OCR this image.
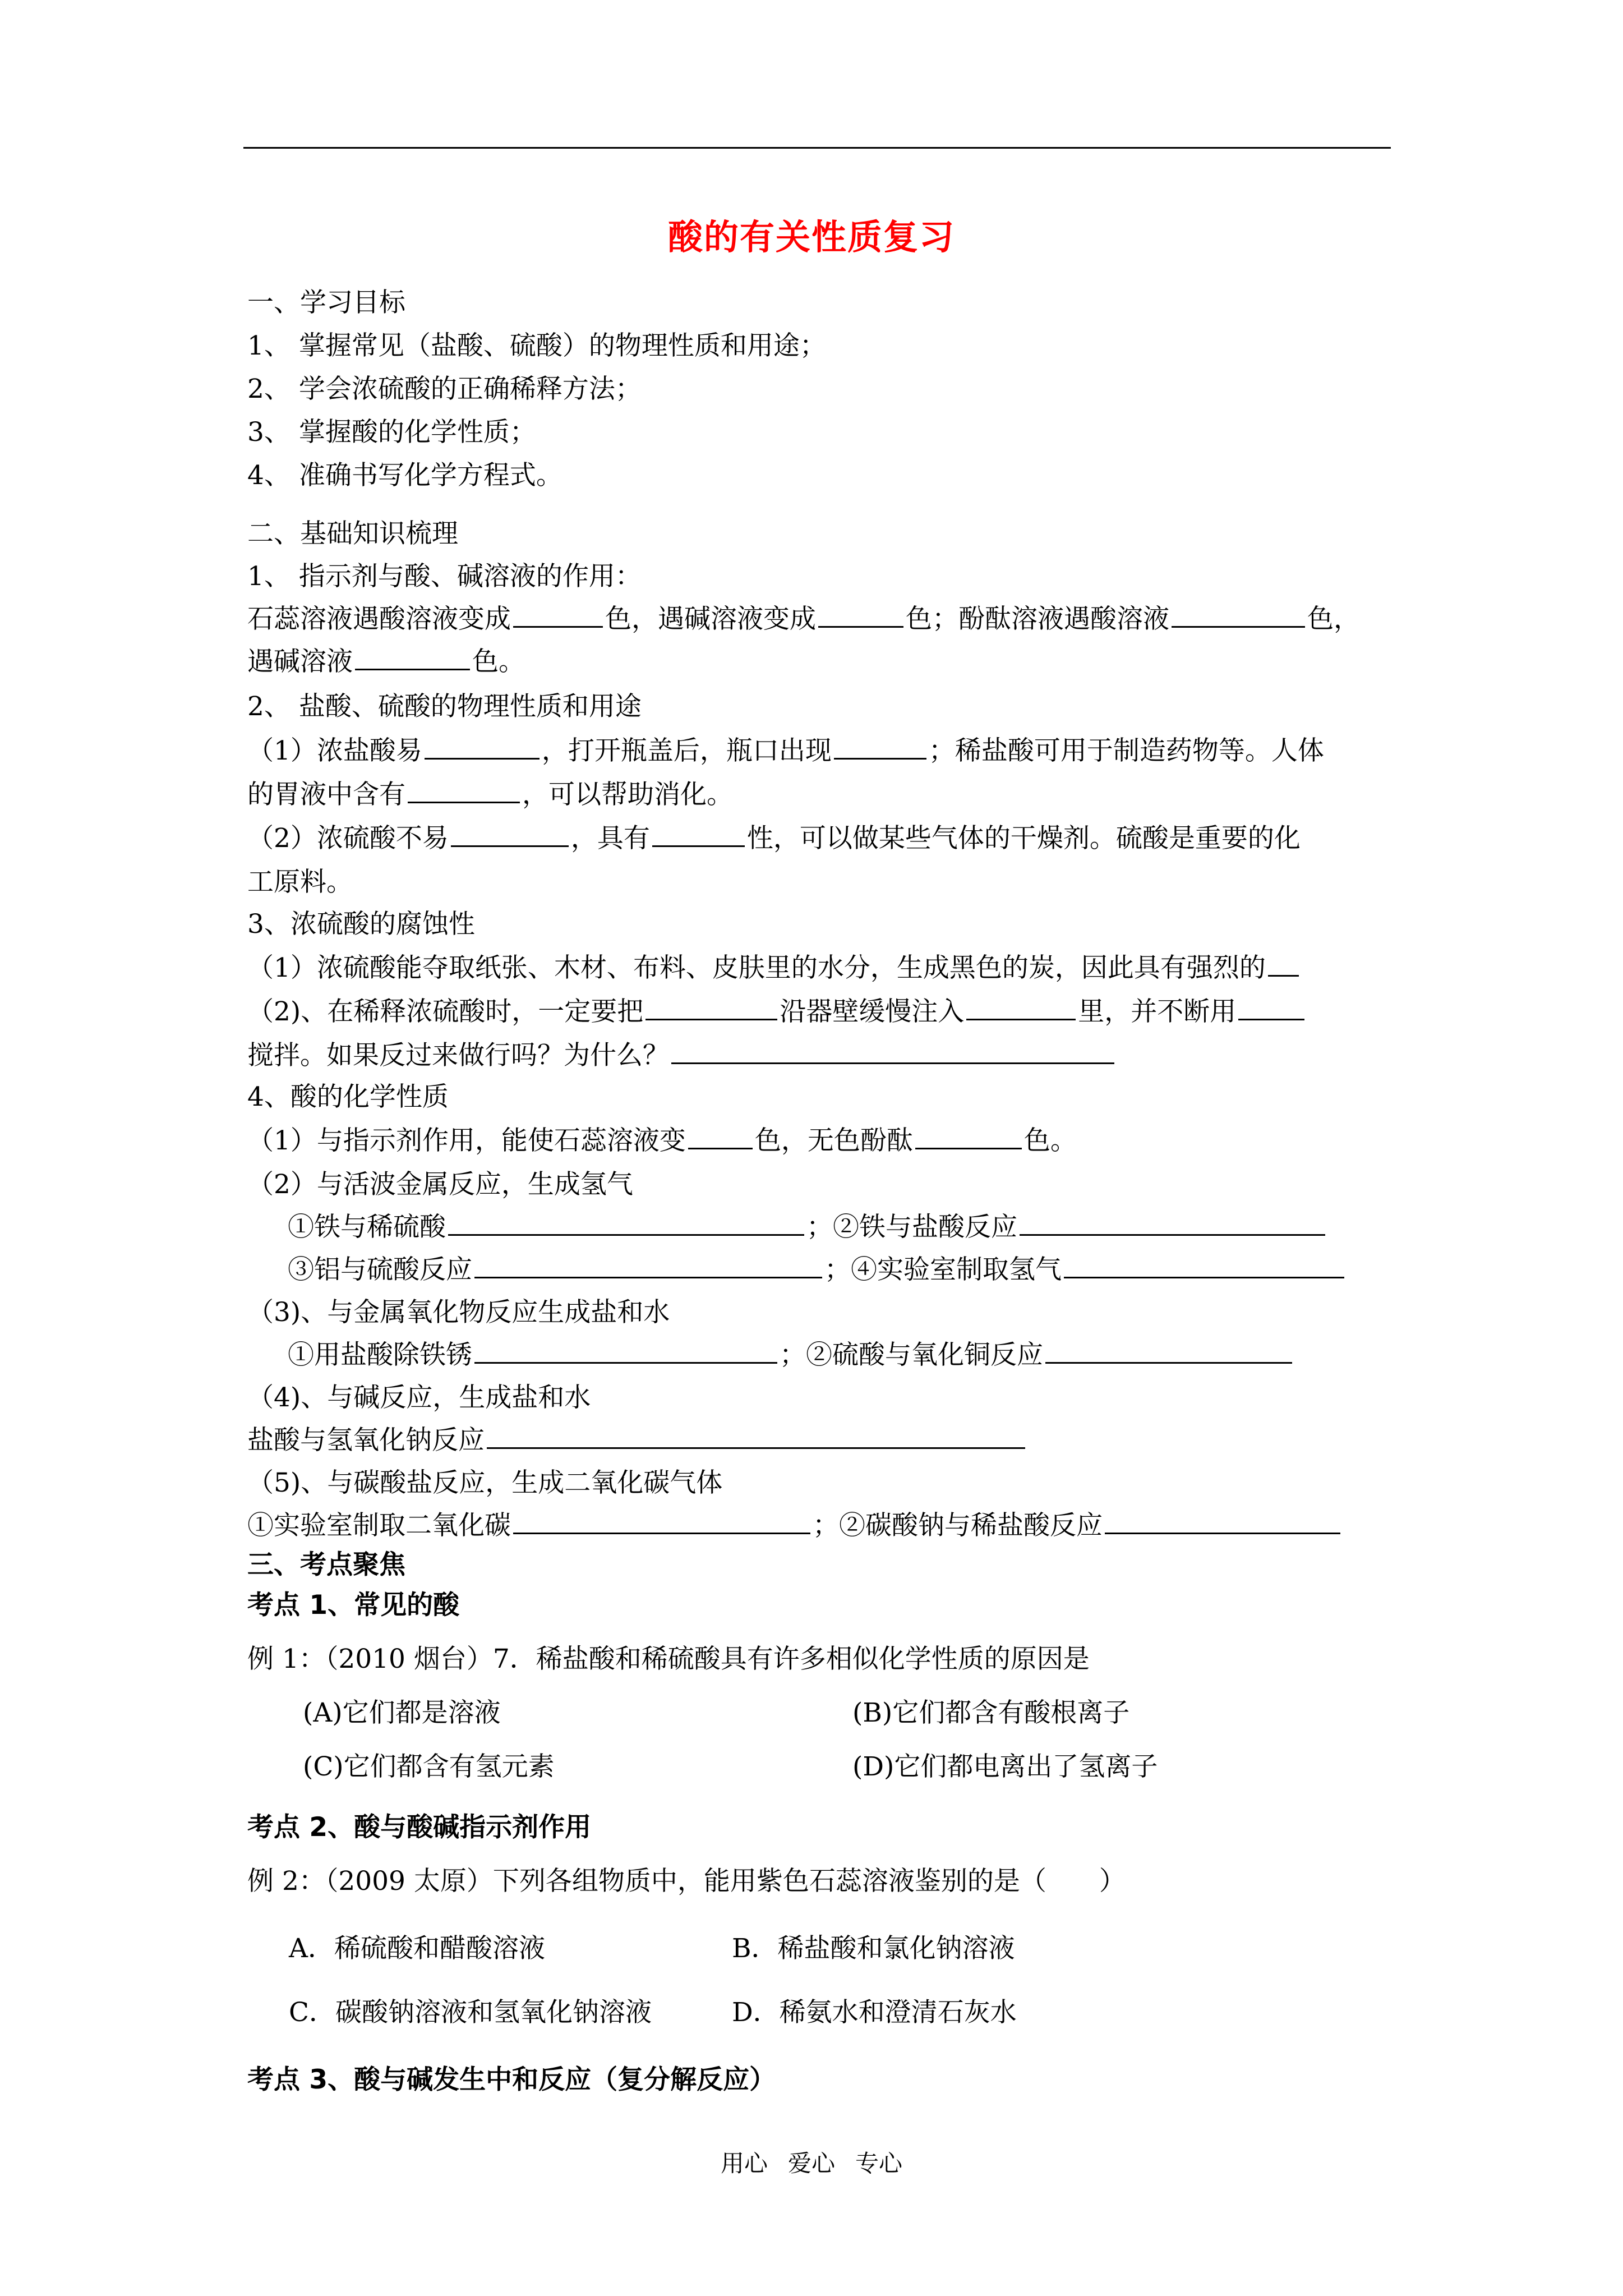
酸的有关性质复习
一、学习目标
1、 掌握常见（盐酸、硫酸）的物理性质和用途；
2、 学会浓硫酸的正确稀释方法；
3、 掌握酸的化学性质；
4、 准确书写化学方程式。
二、基础知识梳理
1、 指示剂与酸、碱溶液的作用：
石蕊溶液遇酸溶液变成	色，遇碱溶液变成	色；酚酞溶液遇酸溶液	色，
遇碱溶液	色。
2、 盐酸、硫酸的物理性质和用途
（1）浓盐酸易	，打开瓶盖后，瓶口出现	；稀盐酸可用于制造药物等。人体
的胃液中含有	，可以帮助消化。
（2）浓硫酸不易	，具有	性，可以做某些气体的干燥剂。硫酸是重要的化
工原料。
3、浓硫酸的腐蚀性
（1）浓硫酸能夺取纸张、木材、布料、皮肤里的水分，生成黑色的炭，因此具有强烈的
（2)、在稀释浓硫酸时，一定要把	沿器壁缓慢注入	里，并不断用
搅拌。如果反过来做行吗？为什么？
4、酸的化学性质
（1）与指示剂作用，能使石蕊溶液变	色，无色酚酞	色。
（2）与活波金属反应，生成氢气
①铁与稀硫酸	；②铁与盐酸反应
③铝与硫酸反应	；④实验室制取氢气
（3)、与金属氧化物反应生成盐和水
①用盐酸除铁锈	；②硫酸与氧化铜反应
（4)、与碱反应，生成盐和水
盐酸与氢氧化钠反应
（5)、与碳酸盐反应，生成二氧化碳气体
①实验室制取二氧化碳	；②碳酸钠与稀盐酸反应
三、考点聚焦
考点 1、常见的酸
例 1：（2010 烟台）7．稀盐酸和稀硫酸具有许多相似化学性质的原因是
(A)它们都是溶液	(B)它们都含有酸根离子
(C)它们都含有氢元素	(D)它们都电离出了氢离子
考点 2、酸与酸碱指示剂作用
例 2：（2009 太原）下列各组物质中，能用紫色石蕊溶液鉴别的是（　　）
A．稀硫酸和醋酸溶液	B．稀盐酸和氯化钠溶液
C．碳酸钠溶液和氢氧化钠溶液	D．稀氨水和澄清石灰水
考点 3、酸与碱发生中和反应（复分解反应）
用心 爱心 专心
